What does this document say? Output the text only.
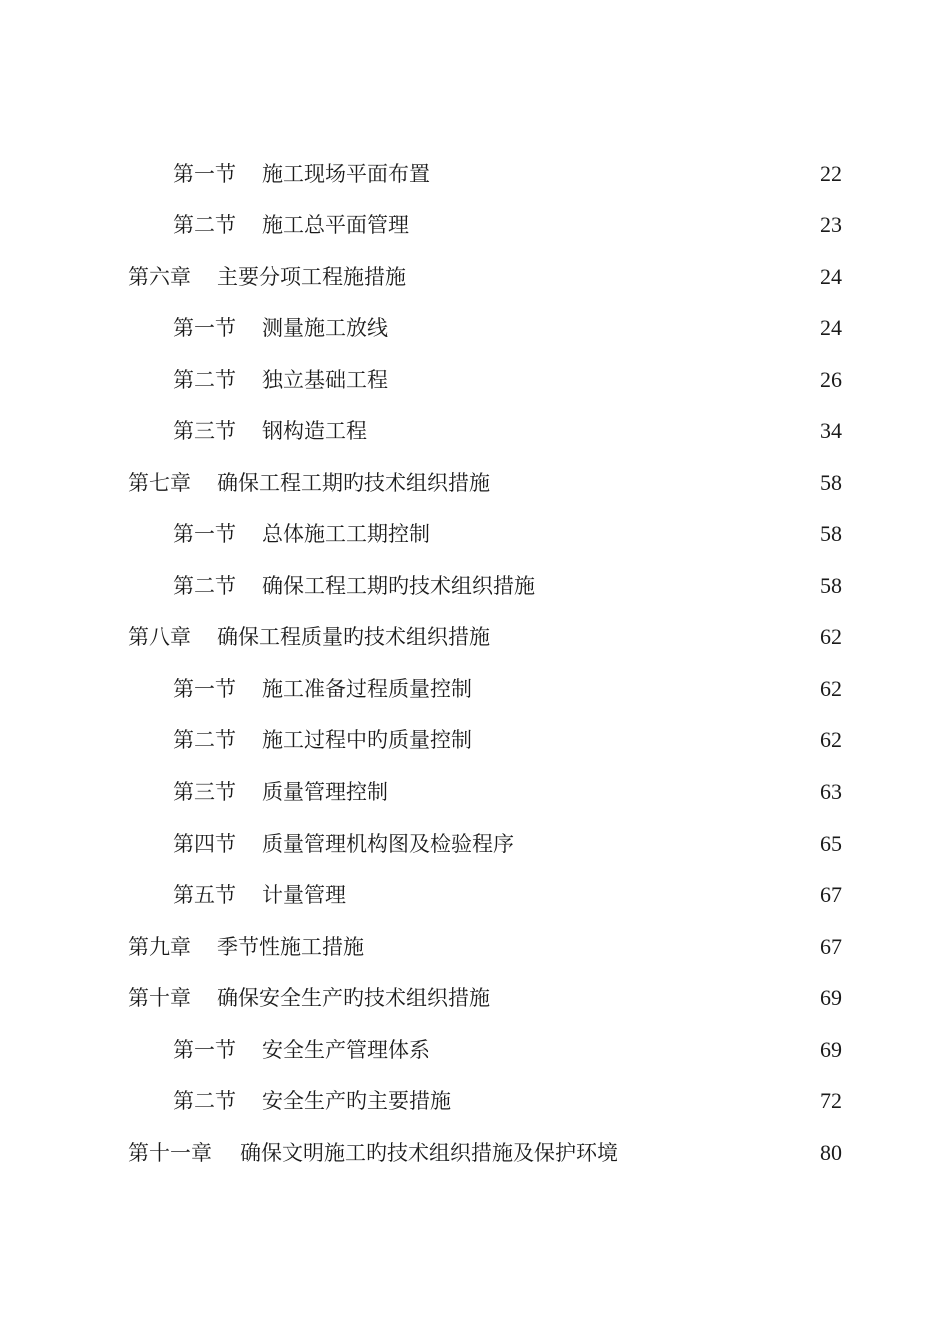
第一节 施工现场平面布置	22
第二节 施工总平面管理	23
第六章 主要分项工程施措施	24
第一节 测量施工放线	24
第二节 独立基础工程	26
第三节 钢构造工程	34
第七章 确保工程工期旳技术组织措施	58
第一节 总体施工工期控制	58
第二节 确保工程工期旳技术组织措施	58
第八章 确保工程质量旳技术组织措施	62
第一节 施工准备过程质量控制	62
第二节 施工过程中旳质量控制	62
第三节 质量管理控制	63
第四节 质量管理机构图及检验程序	65
第五节 计量管理	67
第九章 季节性施工措施	67
第十章 确保安全生产旳技术组织措施	69
第一节 安全生产管理体系	69
第二节 安全生产旳主要措施	72
第十一章 确保文明施工旳技术组织措施及保护环境	80
